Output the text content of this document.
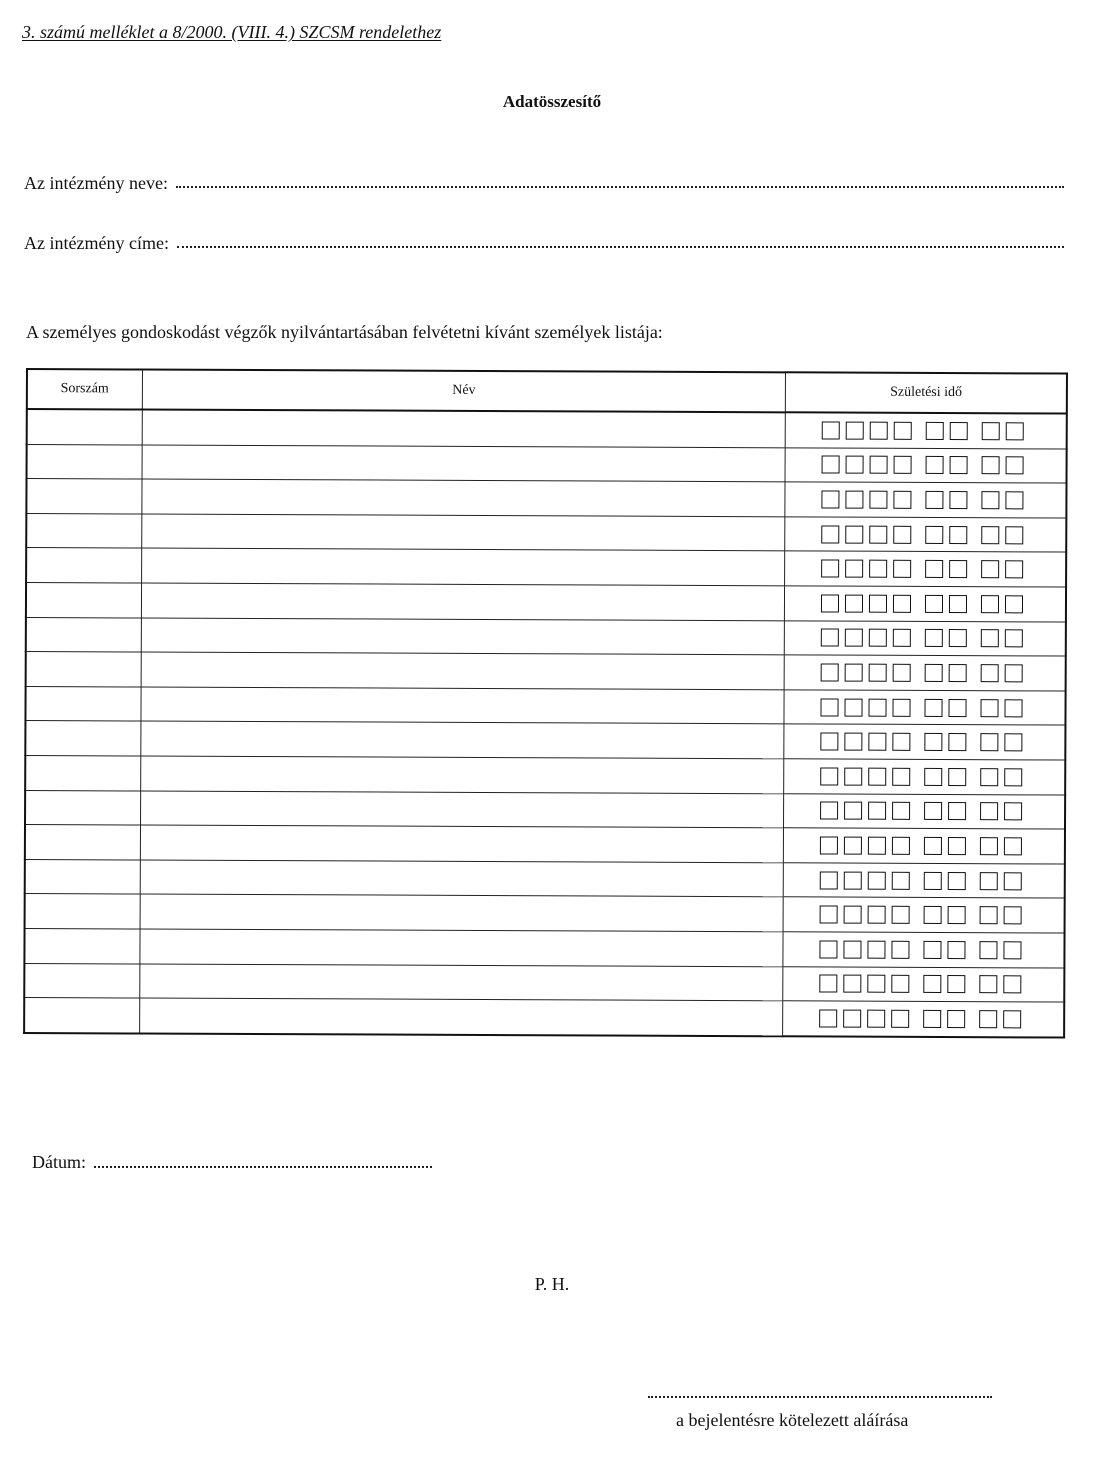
3. számú melléklet a 8/2000. (VIII. 4.) SZCSM rendelethez
Adatösszesítő
Az intézmény neve:
Az intézmény címe:
A személyes gondoskodást végzők nyilvántartásában felvétetni kívánt személyek listája:
Sorszám	Név	Születési idő

Dátum:
P. H.
a bejelentésre kötelezett aláírása
